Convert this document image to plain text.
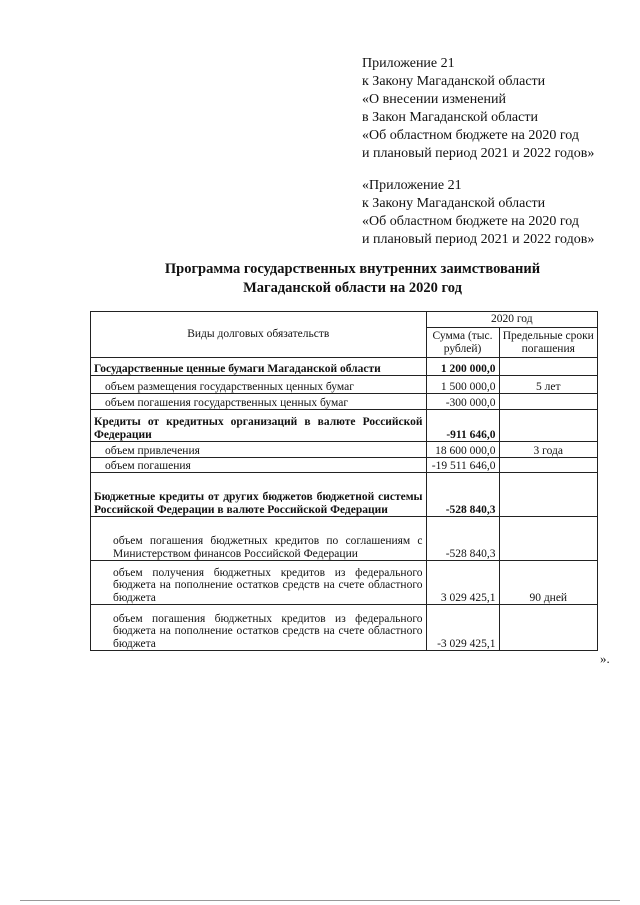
Приложение 21
к Закону Магаданской области
«О внесении изменений
в Закон Магаданской области
«Об областном бюджете на 2020 год
и плановый период 2021 и 2022 годов»
«Приложение 21
к Закону Магаданской области
«Об областном бюджете на 2020 год
и плановый период 2021 и 2022 годов»
Программа государственных внутренних заимствований
Магаданской области на 2020 год
Виды долговых обязательств	2020 год	
	Сумма (тыс. рублей)	Предельные сроки погашения
Государственные ценные бумаги Магаданской области	1 200 000,0	
объем размещения государственных ценных бумаг	1 500 000,0	5 лет
объем погашения государственных ценных бумаг	-300 000,0	
Кредиты от кредитных организаций в валюте Российской Федерации	-911 646,0	
объем привлечения	18 600 000,0	3 года
объем погашения	-19 511 646,0	
Бюджетные кредиты от других бюджетов бюджетной системы Российской Федерации в валюте Российской Федерации	-528 840,3	
объем погашения бюджетных кредитов по соглашениям с Министерством финансов Российской Федерации	-528 840,3	
объем получения бюджетных кредитов из федерального бюджета на пополнение остатков средств на счете областного бюджета	3 029 425,1	90 дней
объем погашения бюджетных кредитов из федерального бюджета на пополнение остатков средств на счете областного бюджета	-3 029 425,1	
».
